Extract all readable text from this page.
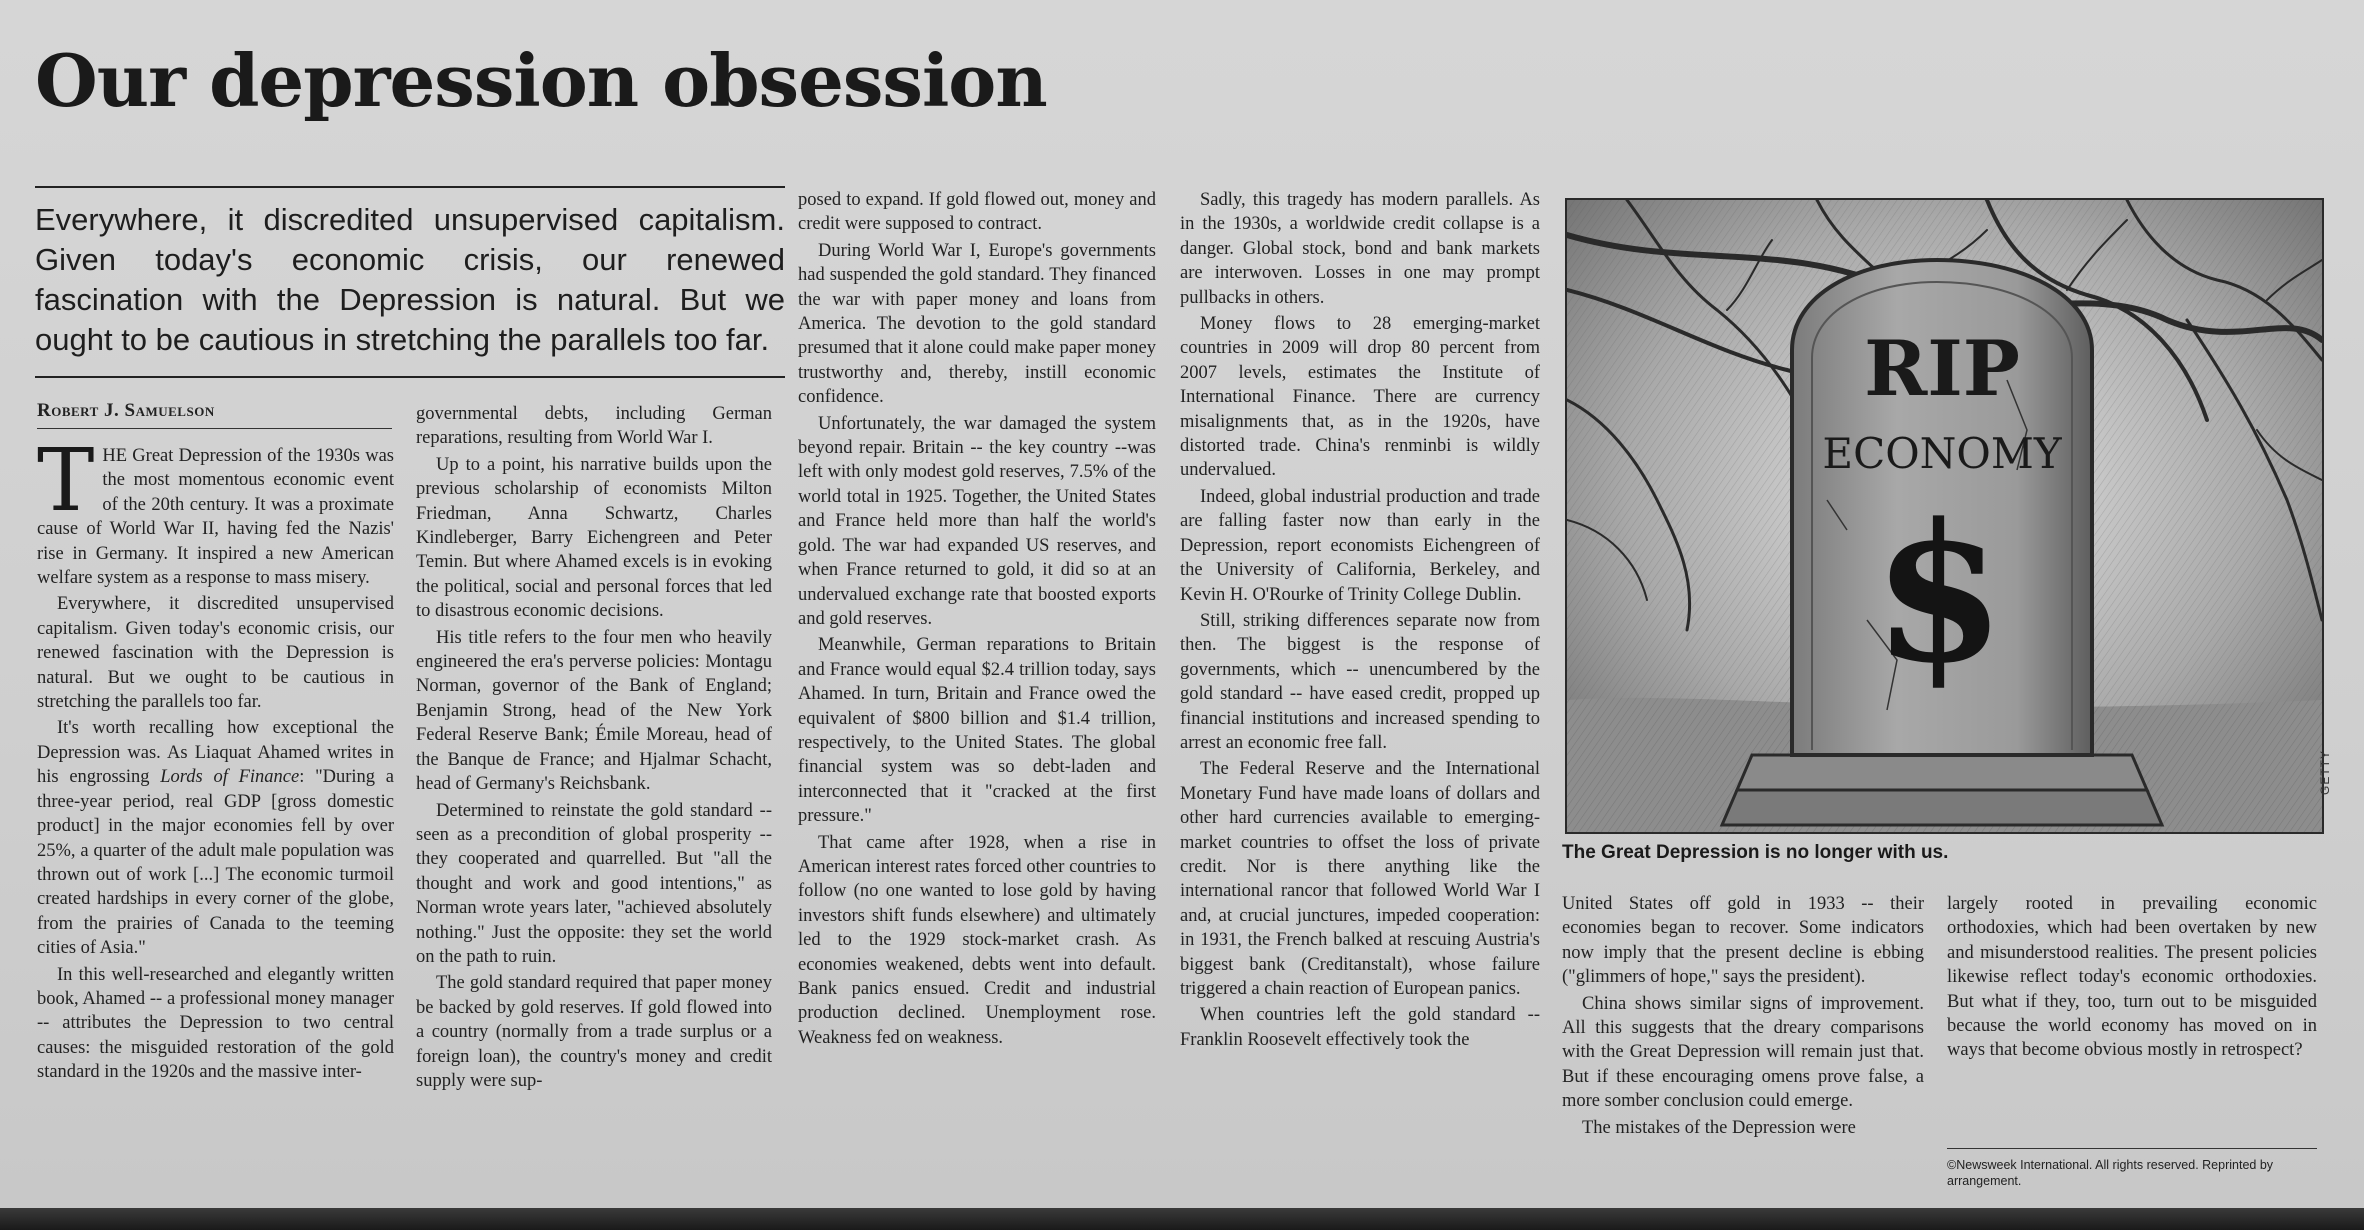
Our depression obsession

Everywhere, it discredited unsupervised capitalism. Given today's economic crisis, our renewed fascination with the Depression is natural. But we ought to be cautious in stretching the parallels too far.

Robert J. Samuelson

THE Great Depression of the 1930s was the most momentous economic event of the 20th century. It was a proximate cause of World War II, having fed the Nazis' rise in Germany. It inspired a new American welfare system as a response to mass misery.

Everywhere, it discredited unsupervised capitalism. Given today's economic crisis, our renewed fascination with the Depression is natural. But we ought to be cautious in stretching the parallels too far.

It's worth recalling how exceptional the Depression was. As Liaquat Ahamed writes in his engrossing Lords of Finance: "During a three-year period, real GDP [gross domestic product] in the major economies fell by over 25%, a quarter of the adult male population was thrown out of work [...] The economic turmoil created hardships in every corner of the globe, from the prairies of Canada to the teeming cities of Asia."

In this well-researched and elegantly written book, Ahamed -- a professional money manager -- attributes the Depression to two central causes: the misguided restoration of the gold standard in the 1920s and the massive inter-

governmental debts, including German reparations, resulting from World War I.

Up to a point, his narrative builds upon the previous scholarship of economists Milton Friedman, Anna Schwartz, Charles Kindleberger, Barry Eichengreen and Peter Temin. But where Ahamed excels is in evoking the political, social and personal forces that led to disastrous economic decisions.

His title refers to the four men who heavily engineered the era's perverse policies: Montagu Norman, governor of the Bank of England; Benjamin Strong, head of the New York Federal Reserve Bank; Émile Moreau, head of the Banque de France; and Hjalmar Schacht, head of Germany's Reichsbank.

Determined to reinstate the gold standard -- seen as a precondition of global prosperity -- they cooperated and quarrelled. But "all the thought and work and good intentions," as Norman wrote years later, "achieved absolutely nothing." Just the opposite: they set the world on the path to ruin.

The gold standard required that paper money be backed by gold reserves. If gold flowed into a country (normally from a trade surplus or a foreign loan), the country's money and credit supply were sup-

posed to expand. If gold flowed out, money and credit were supposed to contract.

During World War I, Europe's governments had suspended the gold standard. They financed the war with paper money and loans from America. The devotion to the gold standard presumed that it alone could make paper money trustworthy and, thereby, instill economic confidence.

Unfortunately, the war damaged the system beyond repair. Britain -- the key country --was left with only modest gold reserves, 7.5% of the world total in 1925. Together, the United States and France held more than half the world's gold. The war had expanded US reserves, and when France returned to gold, it did so at an undervalued exchange rate that boosted exports and gold reserves.

Meanwhile, German reparations to Britain and France would equal $2.4 trillion today, says Ahamed. In turn, Britain and France owed the equivalent of $800 billion and $1.4 trillion, respectively, to the United States. The global financial system was so debt-laden and interconnected that it "cracked at the first pressure."

That came after 1928, when a rise in American interest rates forced other countries to follow (no one wanted to lose gold by having investors shift funds elsewhere) and ultimately led to the 1929 stock-market crash. As economies weakened, debts went into default. Bank panics ensued. Credit and industrial production declined. Unemployment rose. Weakness fed on weakness.

Sadly, this tragedy has modern parallels. As in the 1930s, a worldwide credit collapse is a danger. Global stock, bond and bank markets are interwoven. Losses in one may prompt pullbacks in others.

Money flows to 28 emerging-market countries in 2009 will drop 80 percent from 2007 levels, estimates the Institute of International Finance. There are currency misalignments that, as in the 1920s, have distorted trade. China's renminbi is wildly undervalued.

Indeed, global industrial production and trade are falling faster now than early in the Depression, report economists Eichengreen of the University of California, Berkeley, and Kevin H. O'Rourke of Trinity College Dublin.

Still, striking differences separate now from then. The biggest is the response of governments, which -- unencumbered by the gold standard -- have eased credit, propped up financial institutions and increased spending to arrest an economic free fall.

The Federal Reserve and the International Monetary Fund have made loans of dollars and other hard currencies available to emerging-market countries to offset the loss of private credit. Nor is there anything like the international rancor that followed World War I and, at crucial junctures, impeded cooperation: in 1931, the French balked at rescuing Austria's biggest bank (Creditanstalt), whose failure triggered a chain reaction of European panics.

When countries left the gold standard -- Franklin Roosevelt effectively took the

RIP
ECONOMY
$
GETTY

The Great Depression is no longer with us.

United States off gold in 1933 -- their economies began to recover. Some indicators now imply that the present decline is ebbing ("glimmers of hope," says the president).

China shows similar signs of improvement. All this suggests that the dreary comparisons with the Great Depression will remain just that. But if these encouraging omens prove false, a more somber conclusion could emerge.

The mistakes of the Depression were

largely rooted in prevailing economic orthodoxies, which had been overtaken by new and misunderstood realities. The present policies likewise reflect today's economic orthodoxies. But what if they, too, turn out to be misguided because the world economy has moved on in ways that become obvious mostly in retrospect?

©Newsweek International. All rights reserved. Reprinted by arrangement.
